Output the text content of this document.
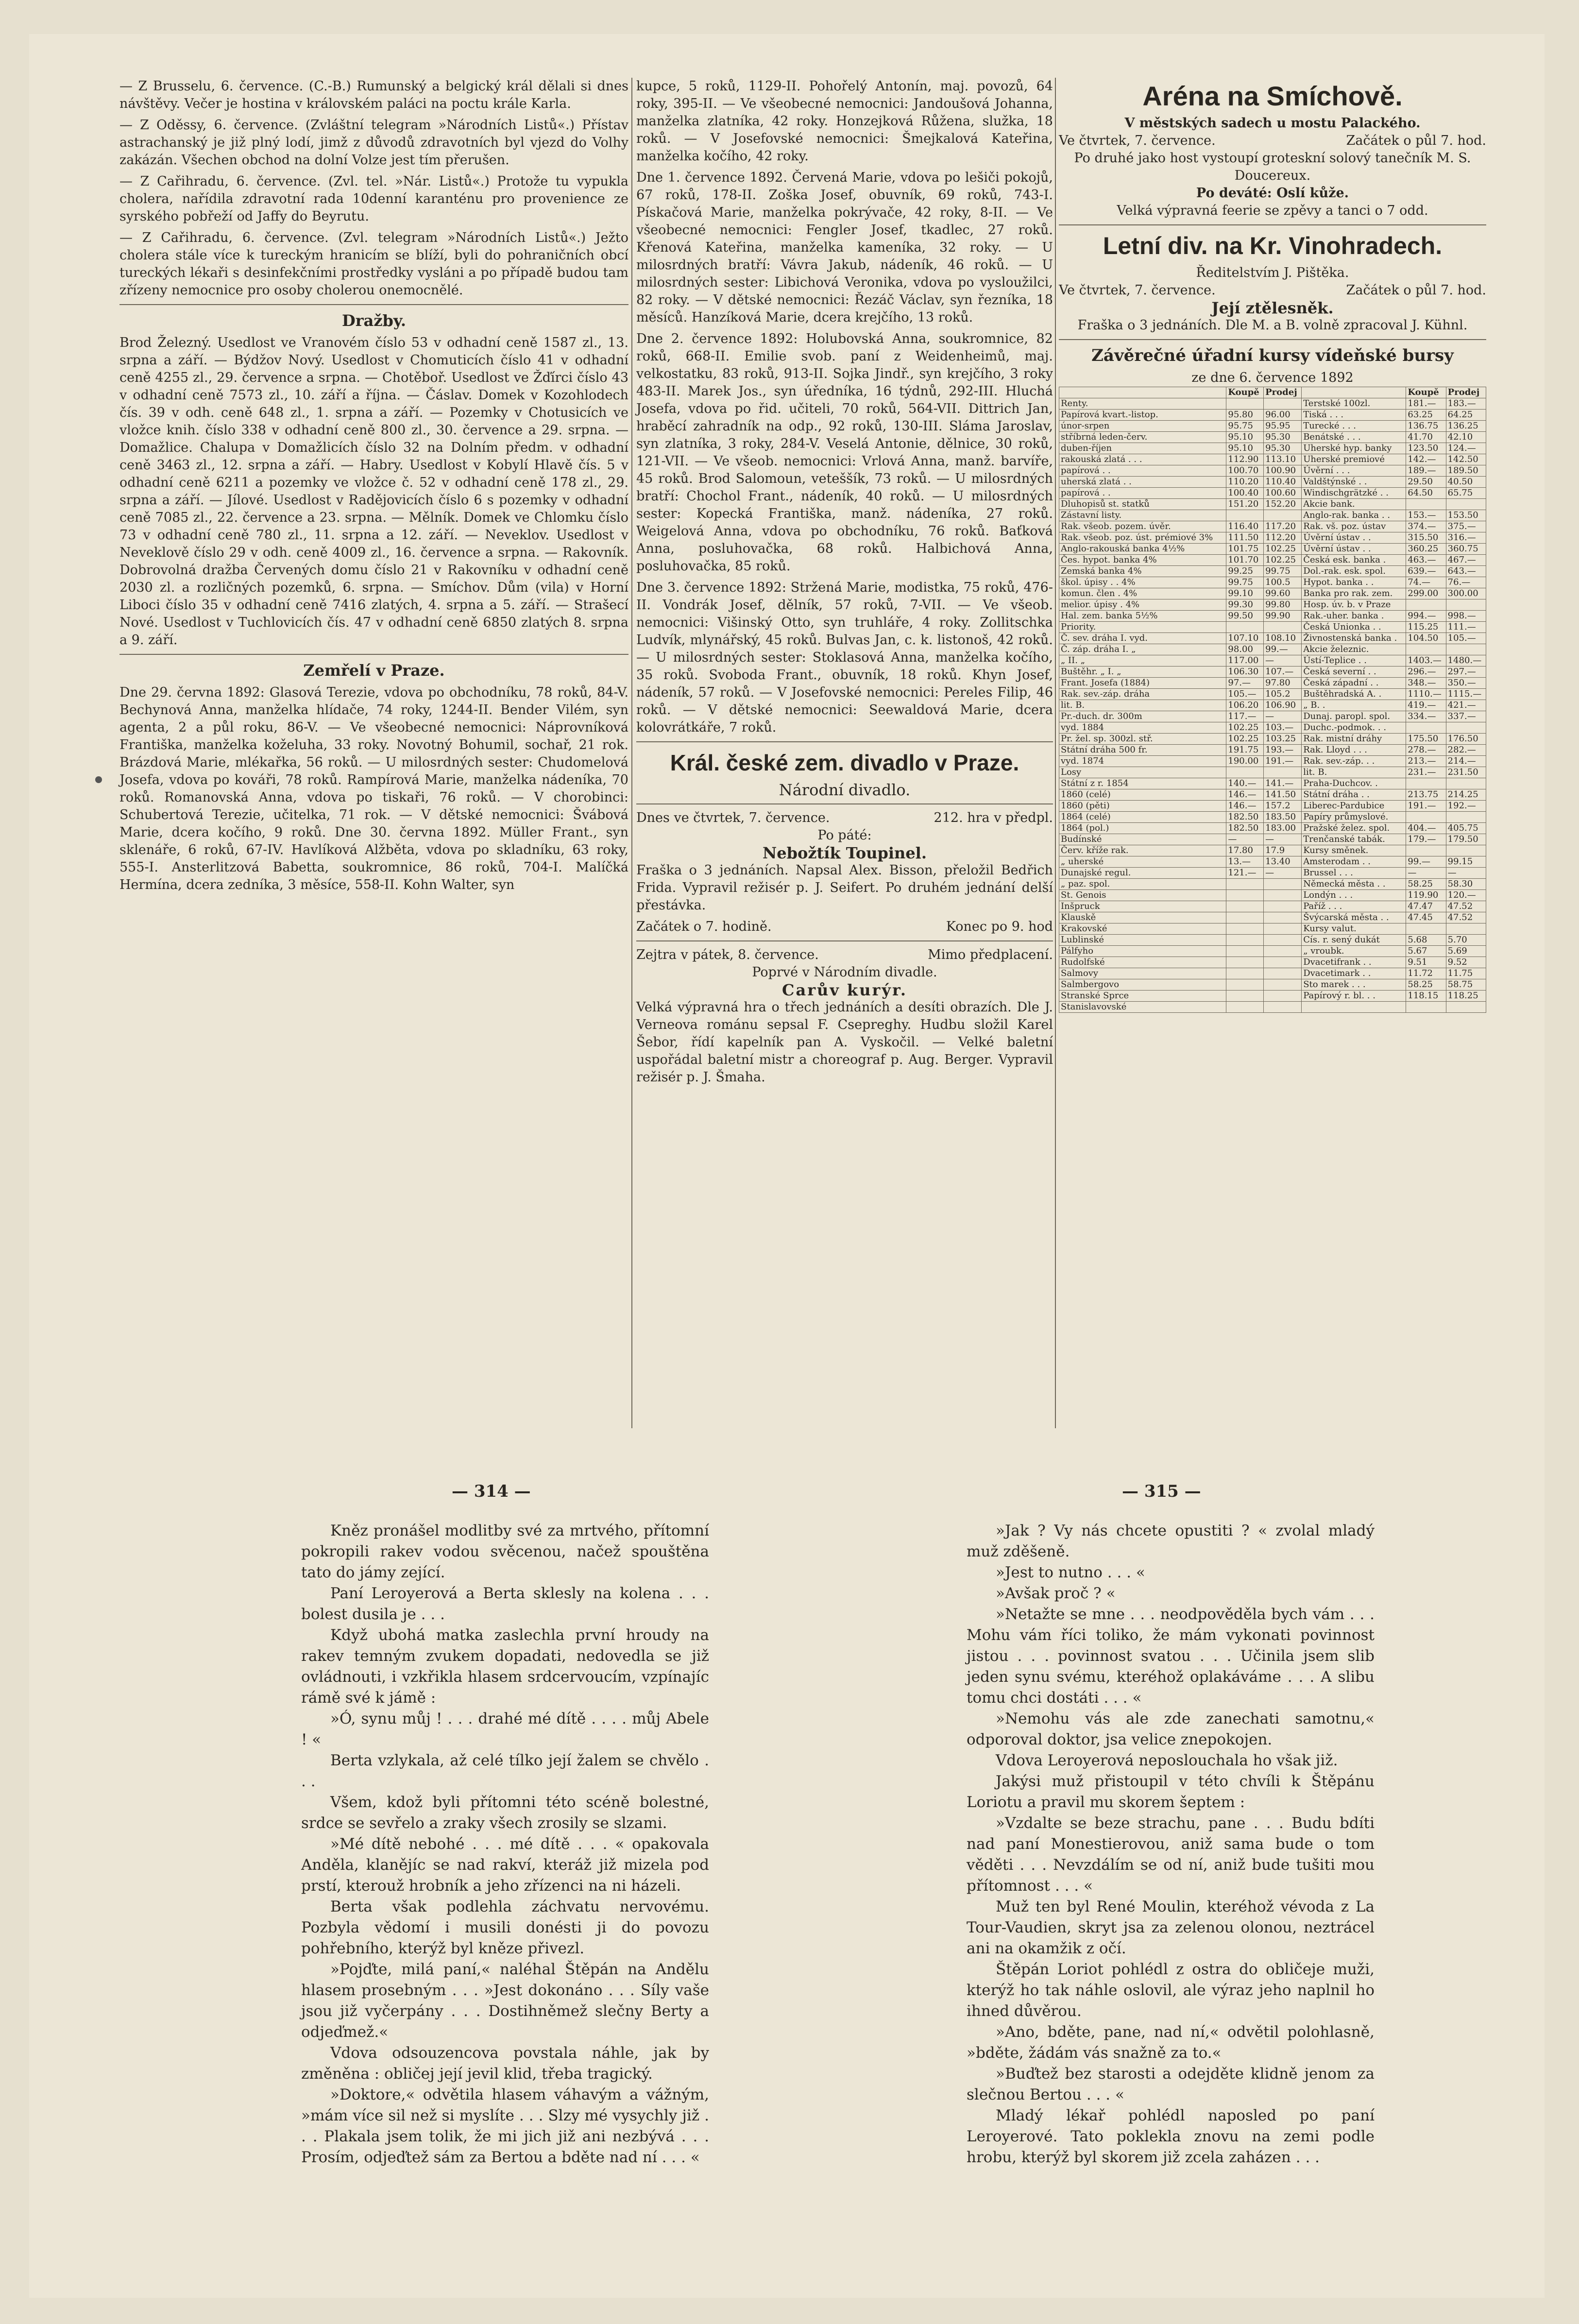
— Z Brusselu, 6. července. (C.-B.) Rumunský a belgický král dělali si dnes návštěvy. Večer je hostina v královském paláci na poctu krále Karla.

— Z Oděssy, 6. července. (Zvláštní telegram »Národních Listů«.) Přístav astrachanský je již plný lodí, jimž z důvodů zdravotních byl vjezd do Volhy zakázán. Všechen obchod na dolní Volze jest tím přerušen.

— Z Cařihradu, 6. července. (Zvl. tel. »Nár. Listů«.) Protože tu vypukla cholera, nařídila zdravotní rada 10denní karanténu pro provenience ze syrského pobřeží od Jaffy do Beyrutu.

— Z Cařihradu, 6. července. (Zvl. telegram »Národních Listů«.) Ježto cholera stále více k tureckým hranicím se blíží, byli do pohraničních obcí tureckých lékaři s desinfekčními prostředky vysláni a po případě budou tam zřízeny nemocnice pro osoby cholerou onemocnělé.

Dražby.

Brod Železný. Usedlost ve Vranovém číslo 53 v odhadní ceně 1587 zl., 13. srpna a září. — Býdžov Nový. Usedlost v Chomuticích číslo 41 v odhadní ceně 4255 zl., 29. července a srpna. — Chotěboř. Usedlost ve Žďírci číslo 43 v odhadní ceně 7573 zl., 10. září a října. — Čáslav. Domek v Kozohlodech čís. 39 v odh. ceně 648 zl., 1. srpna a září. — Pozemky v Chotusicích ve vložce knih. číslo 338 v odhadní ceně 800 zl., 30. července a 29. srpna. — Domažlice. Chalupa v Domažlicích číslo 32 na Dolním předm. v odhadní ceně 3463 zl., 12. srpna a září. — Habry. Usedlost v Kobylí Hlavě čís. 5 v odhadní ceně 6211 a pozemky ve vložce č. 52 v odhadní ceně 178 zl., 29. srpna a září. — Jílové. Usedlost v Radějovicích číslo 6 s pozemky v odhadní ceně 7085 zl., 22. července a 23. srpna. — Mělník. Domek ve Chlomku číslo 73 v odhadní ceně 780 zl., 11. srpna a 12. září. — Neveklov. Usedlost v Neveklově číslo 29 v odh. ceně 4009 zl., 16. července a srpna. — Rakovník. Dobrovolná dražba Červených domu číslo 21 v Rakovníku v odhadní ceně 2030 zl. a rozličných pozemků, 6. srpna. — Smíchov. Dům (vila) v Horní Liboci číslo 35 v odhadní ceně 7416 zlatých, 4. srpna a 5. září. — Strašecí Nové. Usedlost v Tuchlovicích čís. 47 v odhadní ceně 6850 zlatých 8. srpna a 9. září.

Zemřelí v Praze.

Dne 29. června 1892: Glasová Terezie, vdova po obchodníku, 78 roků, 84-V. Bechynová Anna, manželka hlídače, 74 roky, 1244-II. Bender Vilém, syn agenta, 2 a půl roku, 86-V. — Ve všeobecné nemocnici: Náprovníková Františka, manželka koželuha, 33 roky. Novotný Bohumil, sochař, 21 rok. Brázdová Marie, mlékařka, 56 roků. — U milosrdných sester: Chudomelová Josefa, vdova po kováři, 78 roků. Rampírová Marie, manželka nádeníka, 70 roků. Romanovská Anna, vdova po tiskaři, 76 roků. — V chorobinci: Schubertová Terezie, učitelka, 71 rok. — V dětské nemocnici: Švábová Marie, dcera kočího, 9 roků. Dne 30. června 1892. Müller Frant., syn sklenáře, 6 roků, 67-IV. Havlíková Alžběta, vdova po skladníku, 63 roky, 555-I. Ansterlitzová Babetta, soukromnice, 86 roků, 704-I. Malíčká Hermína, dcera zedníka, 3 měsíce, 558-II. Kohn Walter, syn

kupce, 5 roků, 1129-II. Pohořelý Antonín, maj. povozů, 64 roky, 395-II. — Ve všeobecné nemocnici: Jandoušová Johanna, manželka zlatníka, 42 roky. Honzejková Růžena, služka, 18 roků. — V Josefovské nemocnici: Šmejkalová Kateřina, manželka kočího, 42 roky.

Dne 1. července 1892. Červená Marie, vdova po lešiči pokojů, 67 roků, 178-II. Zoška Josef, obuvník, 69 roků, 743-I. Pískačová Marie, manželka pokrývače, 42 roky, 8-II. — Ve všeobecné nemocnici: Fengler Josef, tkadlec, 27 roků. Křenová Kateřina, manželka kameníka, 32 roky. — U milosrdných bratří: Vávra Jakub, nádeník, 46 roků. — U milosrdných sester: Libichová Veronika, vdova po vysloužilci, 82 roky. — V dětské nemocnici: Řezáč Václav, syn řezníka, 18 měsíců. Hanzíková Marie, dcera krejčího, 13 roků.

Dne 2. července 1892: Holubovská Anna, soukromnice, 82 roků, 668-II. Emilie svob. paní z Weidenheimů, maj. velkostatku, 83 roků, 913-II. Sojka Jindř., syn krejčího, 3 roky 483-II. Marek Jos., syn úředníka, 16 týdnů, 292-III. Hluchá Josefa, vdova po řid. učiteli, 70 roků, 564-VII. Dittrich Jan, hraběcí zahradník na odp., 92 roků, 130-III. Sláma Jaroslav, syn zlatníka, 3 roky, 284-V. Veselá Antonie, dělnice, 30 roků, 121-VII. — Ve všeob. nemocnici: Vrlová Anna, manž. barvíře, 45 roků. Brod Salomoun, veteššík, 73 roků. — U milosrdných bratří: Chochol Frant., nádeník, 40 roků. — U milosrdných sester: Kopecká Františka, manž. nádeníka, 27 roků. Weigelová Anna, vdova po obchodníku, 76 roků. Baťková Anna, posluhovačka, 68 roků. Halbichová Anna, posluhovačka, 85 roků.

Dne 3. července 1892: Stržená Marie, modistka, 75 roků, 476-II. Vondrák Josef, dělník, 57 roků, 7-VII. — Ve všeob. nemocnici: Višinský Otto, syn truhláře, 4 roky. Zollitschka Ludvík, mlynářský, 45 roků. Bulvas Jan, c. k. listonoš, 42 roků. — U milosrdných sester: Stoklasová Anna, manželka kočího, 35 roků. Svoboda Frant., obuvník, 18 roků. Khyn Josef, nádeník, 57 roků. — V Josefovské nemocnici: Pereles Filip, 46 roků. — V dětské nemocnici: Seewaldová Marie, dcera kolovrátkáře, 7 roků.

Král. české zem. divadlo v Praze.
Národní divadlo.
Dnes ve čtvrtek, 7. července.	212. hra v předpl.
Po páté:
Nebožtík Toupinel.

Fraška o 3 jednáních. Napsal Alex. Bisson, přeložil Bedřich Frida. Vypravil režisér p. J. Seifert. Po druhém jednání delší přestávka.

Začátek o 7. hodině.	Konec po 9. hod
Zejtra v pátek, 8. července.	Mimo předplacení.
Poprvé v Národním divadle.
Carův kurýr.

Velká výpravná hra o třech jednáních a desíti obrazích. Dle J. Verneova románu sepsal F. Csepreghy. Hudbu složil Karel Šebor, řídí kapelník pan A. Vyskočil. — Velké baletní uspořádal baletní mistr a choreograf p. Aug. Berger. Vypravil režisér p. J. Šmaha.

Aréna na Smíchově.
V městských sadech u mostu Palackého.
Ve čtvrtek, 7. července.	Začátek o půl 7. hod.
Po druhé jako host vystoupí groteskní solový tanečník M. S. Doucereux.
Po deváté: Oslí kůže.
Velká výpravná feerie se zpěvy a tanci o 7 odd.
Letní div. na Kr. Vinohradech.
Ředitelstvím J. Pištěka.
Ve čtvrtek, 7. července.	Začátek o půl 7. hod.
Její ztělesněk.
Fraška o 3 jednáních. Dle M. a B. volně zpracoval J. Kühnl.
Závěrečné úřadní kursy vídeňské bursy
ze dne 6. července 1892
	Koupě	Prodej		Koupě	Prodej
Renty.			Terstské 100zl.	181.—	183.—
Papírová kvart.-listop.	95.80	96.00	Tiská . . .	63.25	64.25
únor-srpen	95.75	95.95	Turecké . . .	136.75	136.25
stříbrná leden-červ.	95.10	95.30	Benátské . . .	41.70	42.10
duben-říjen	95.10	95.30	Uherské hyp. banky	123.50	124.—
rakouská zlatá . . .	112.90	113.10	Uherské premiové	142.—	142.50
papírová . .	100.70	100.90	Úvěrní . . .	189.—	189.50
uherská zlatá . .	110.20	110.40	Valdštýnské . .	29.50	40.50
papírová . .	100.40	100.60	Windischgrätzké . .	64.50	65.75
Dluhopisů st. statků	151.20	152.20	Akcie bank.		
Zástavní listy.			Anglo-rak. banka . .	153.—	153.50
Rak. všeob. pozem. úvěr.	116.40	117.20	Rak. vš. poz. ústav	374.—	375.—
Rak. všeob. poz. úst. prémiové 3%	111.50	112.20	Úvěrní ústav . .	315.50	316.—
Anglo-rakouská banka 4½%	101.75	102.25	Úvěrní ústav . .	360.25	360.75
Čes. hypot. banka 4%	101.70	102.25	Česká esk. banka .	463.—	467.—
Zemská banka 4%	99.25	99.75	Dol.-rak. esk. spol.	639.—	643.—
škol. úpisy . . 4%	99.75	100.5	Hypot. banka . .	74.—	76.—
komun. člen . 4%	99.10	99.60	Banka pro rak. zem.	299.00	300.00
melior. úpisy . 4%	99.30	99.80	Hosp. úv. b. v Praze		
Hal. zem. banka 5½%	99.50	99.90	Rak.-uher. banka .	994.—	998.—
Priority.			Česká Unionka . .	115.25	111.—
Č. sev. dráha I. vyd.	107.10	108.10	Živnostenská banka .	104.50	105.—
Č. záp. dráha I. „	98.00	99.—	Akcie železnic.		
„ II. „	117.00	—	Ústí-Teplice . .	1403.—	1480.—
Buštěhr. „ I. „	106.30	107.—	Česká severní . .	296.—	297.—
Frant. Josefa (1884)	97.—	97.80	Česká západní . .	348.—	350.—
Rak. sev.-záp. dráha	105.—	105.2	Buštěhradská A. .	1110.—	1115.—
lit. B.	106.20	106.90	„ B. .	419.—	421.—
Pr.-duch. dr. 300m	117.—	—	Dunaj. paropl. spol.	334.—	337.—
vyd. 1884	102.25	103.—	Duchc.-podmok. . .		
Pr. žel. sp. 300zl. stř.	102.25	103.25	Rak. mistní dráhy	175.50	176.50
Státní dráha 500 fr.	191.75	193.—	Rak. Lloyd . . .	278.—	282.—
vyd. 1874	190.00	191.—	Rak. sev.-záp. . .	213.—	214.—
Losy			lit. B.	231.—	231.50
Státní z r. 1854	140.—	141.—	Praha-Duchcov. .		
1860 (celé)	146.—	141.50	Státní dráha . .	213.75	214.25
1860 (pěti)	146.—	157.2	Liberec-Pardubice	191.—	192.—
1864 (celé)	182.50	183.50	Papíry průmyslové.		
1864 (pol.)	182.50	183.00	Pražské želez. spol.	404.—	405.75
Budínské	—	—	Trenčanské tabák.	179.—	179.50
Červ. kříže rak.	17.80	17.9	Kursy směnek.		
„ uherské	13.—	13.40	Amsterodam . .	99.—	99.15
Dunajské regul.	121.—	—	Brussel . . .	—	—
„ paz. spol.			Německá města . .	58.25	58.30
St. Genois			Londýn . . .	119.90	120.—
Inšpruck			Paříž . . .	47.47	47.52
Klauskě			Švýcarská města . .	47.45	47.52
Krakovské			Kursy valut.		
Lublinské			Cís. r. sený dukát	5.68	5.70
Pálfyho			„ vroubk.	5.67	5.69
Rudolfské			Dvacetifrank . .	9.51	9.52
Salmovy			Dvacetimark . .	11.72	11.75
Salmbergovo			Sto marek . . .	58.25	58.75
Stranské Sprce			Papírový r. bl. . .	118.15	118.25
Stanislavovské					
— 314 —	— 315 —

Kněz pronášel modlitby své za mrtvého, přítomní pokropili rakev vodou svěcenou, načež spouštěna tato do jámy zející.

Paní Leroyerová a Berta sklesly na kolena . . . bolest dusila je . . .

Když ubohá matka zaslechla první hroudy na rakev temným zvukem dopadati, nedovedla se již ovládnouti, i vzkřikla hlasem srdcervoucím, vzpínajíc rámě své k jámě :

»Ó, synu můj ! . . . drahé mé dítě . . . . můj Abele ! «

Berta vzlykala, až celé tílko její žalem se chvělo . . .

Všem, kdož byli přítomni této scéně bolestné, srdce se sevřelo a zraky všech zrosily se slzami.

»Mé dítě nebohé . . . mé dítě . . . « opakovala Anděla, klanějíc se nad rakví, kteráž již mizela pod prstí, kterouž hrobník a jeho zřízenci na ni házeli.

Berta však podlehla záchvatu nervovému. Pozbyla vědomí i musili donésti ji do povozu pohřebního, kterýž byl kněze přivezl.

»Pojďte, milá paní,« naléhal Štěpán na Andělu hlasem prosebným . . . »Jest dokonáno . . . Síly vaše jsou již vyčerpány . . . Dostihněmež slečny Berty a odjeďmež.«

Vdova odsouzencova povstala náhle, jak by změněna : obličej její jevil klid, třeba tragický.

»Doktore,« odvětila hlasem váhavým a vážným, »mám více sil než si myslíte . . . Slzy mé vysychly již . . . Plakala jsem tolik, že mi jich již ani nezbývá . . . Prosím, odjeďtež sám za Bertou a bděte nad ní . . . «

»Jak ? Vy nás chcete opustiti ? « zvolal mladý muž zděšeně.

»Jest to nutno . . . «

»Avšak proč ? «

»Netažte se mne . . . neodpověděla bych vám . . . Mohu vám říci toliko, že mám vykonati povinnost jistou . . . povinnost svatou . . . Učinila jsem slib jeden synu svému, kteréhož oplakáváme . . . A slibu tomu chci dostáti . . . «

»Nemohu vás ale zde zanechati samotnu,« odporoval doktor, jsa velice znepokojen.

Vdova Leroyerová neposlouchala ho však již.

Jakýsi muž přistoupil v této chvíli k Štěpánu Loriotu a pravil mu skorem šeptem :

»Vzdalte se beze strachu, pane . . . Budu bdíti nad paní Monestierovou, aniž sama bude o tom věděti . . . Nevzdálím se od ní, aniž bude tušiti mou přítomnost . . . «

Muž ten byl René Moulin, kteréhož vévoda z La Tour-Vaudien, skryt jsa za zelenou olonou, neztrácel ani na okamžik z očí.

Štěpán Loriot pohlédl z ostra do obličeje muži, kterýž ho tak náhle oslovil, ale výraz jeho naplnil ho ihned důvěrou.

»Ano, bděte, pane, nad ní,« odvětil polohlasně, »bděte, žádám vás snažně za to.«

»Buďtež bez starosti a odejděte klidně jenom za slečnou Bertou . . . «

Mladý lékař pohlédl naposled po paní Leroyerové. Tato poklekla znovu na zemi podle hrobu, kterýž byl skorem již zcela zaházen . . .
